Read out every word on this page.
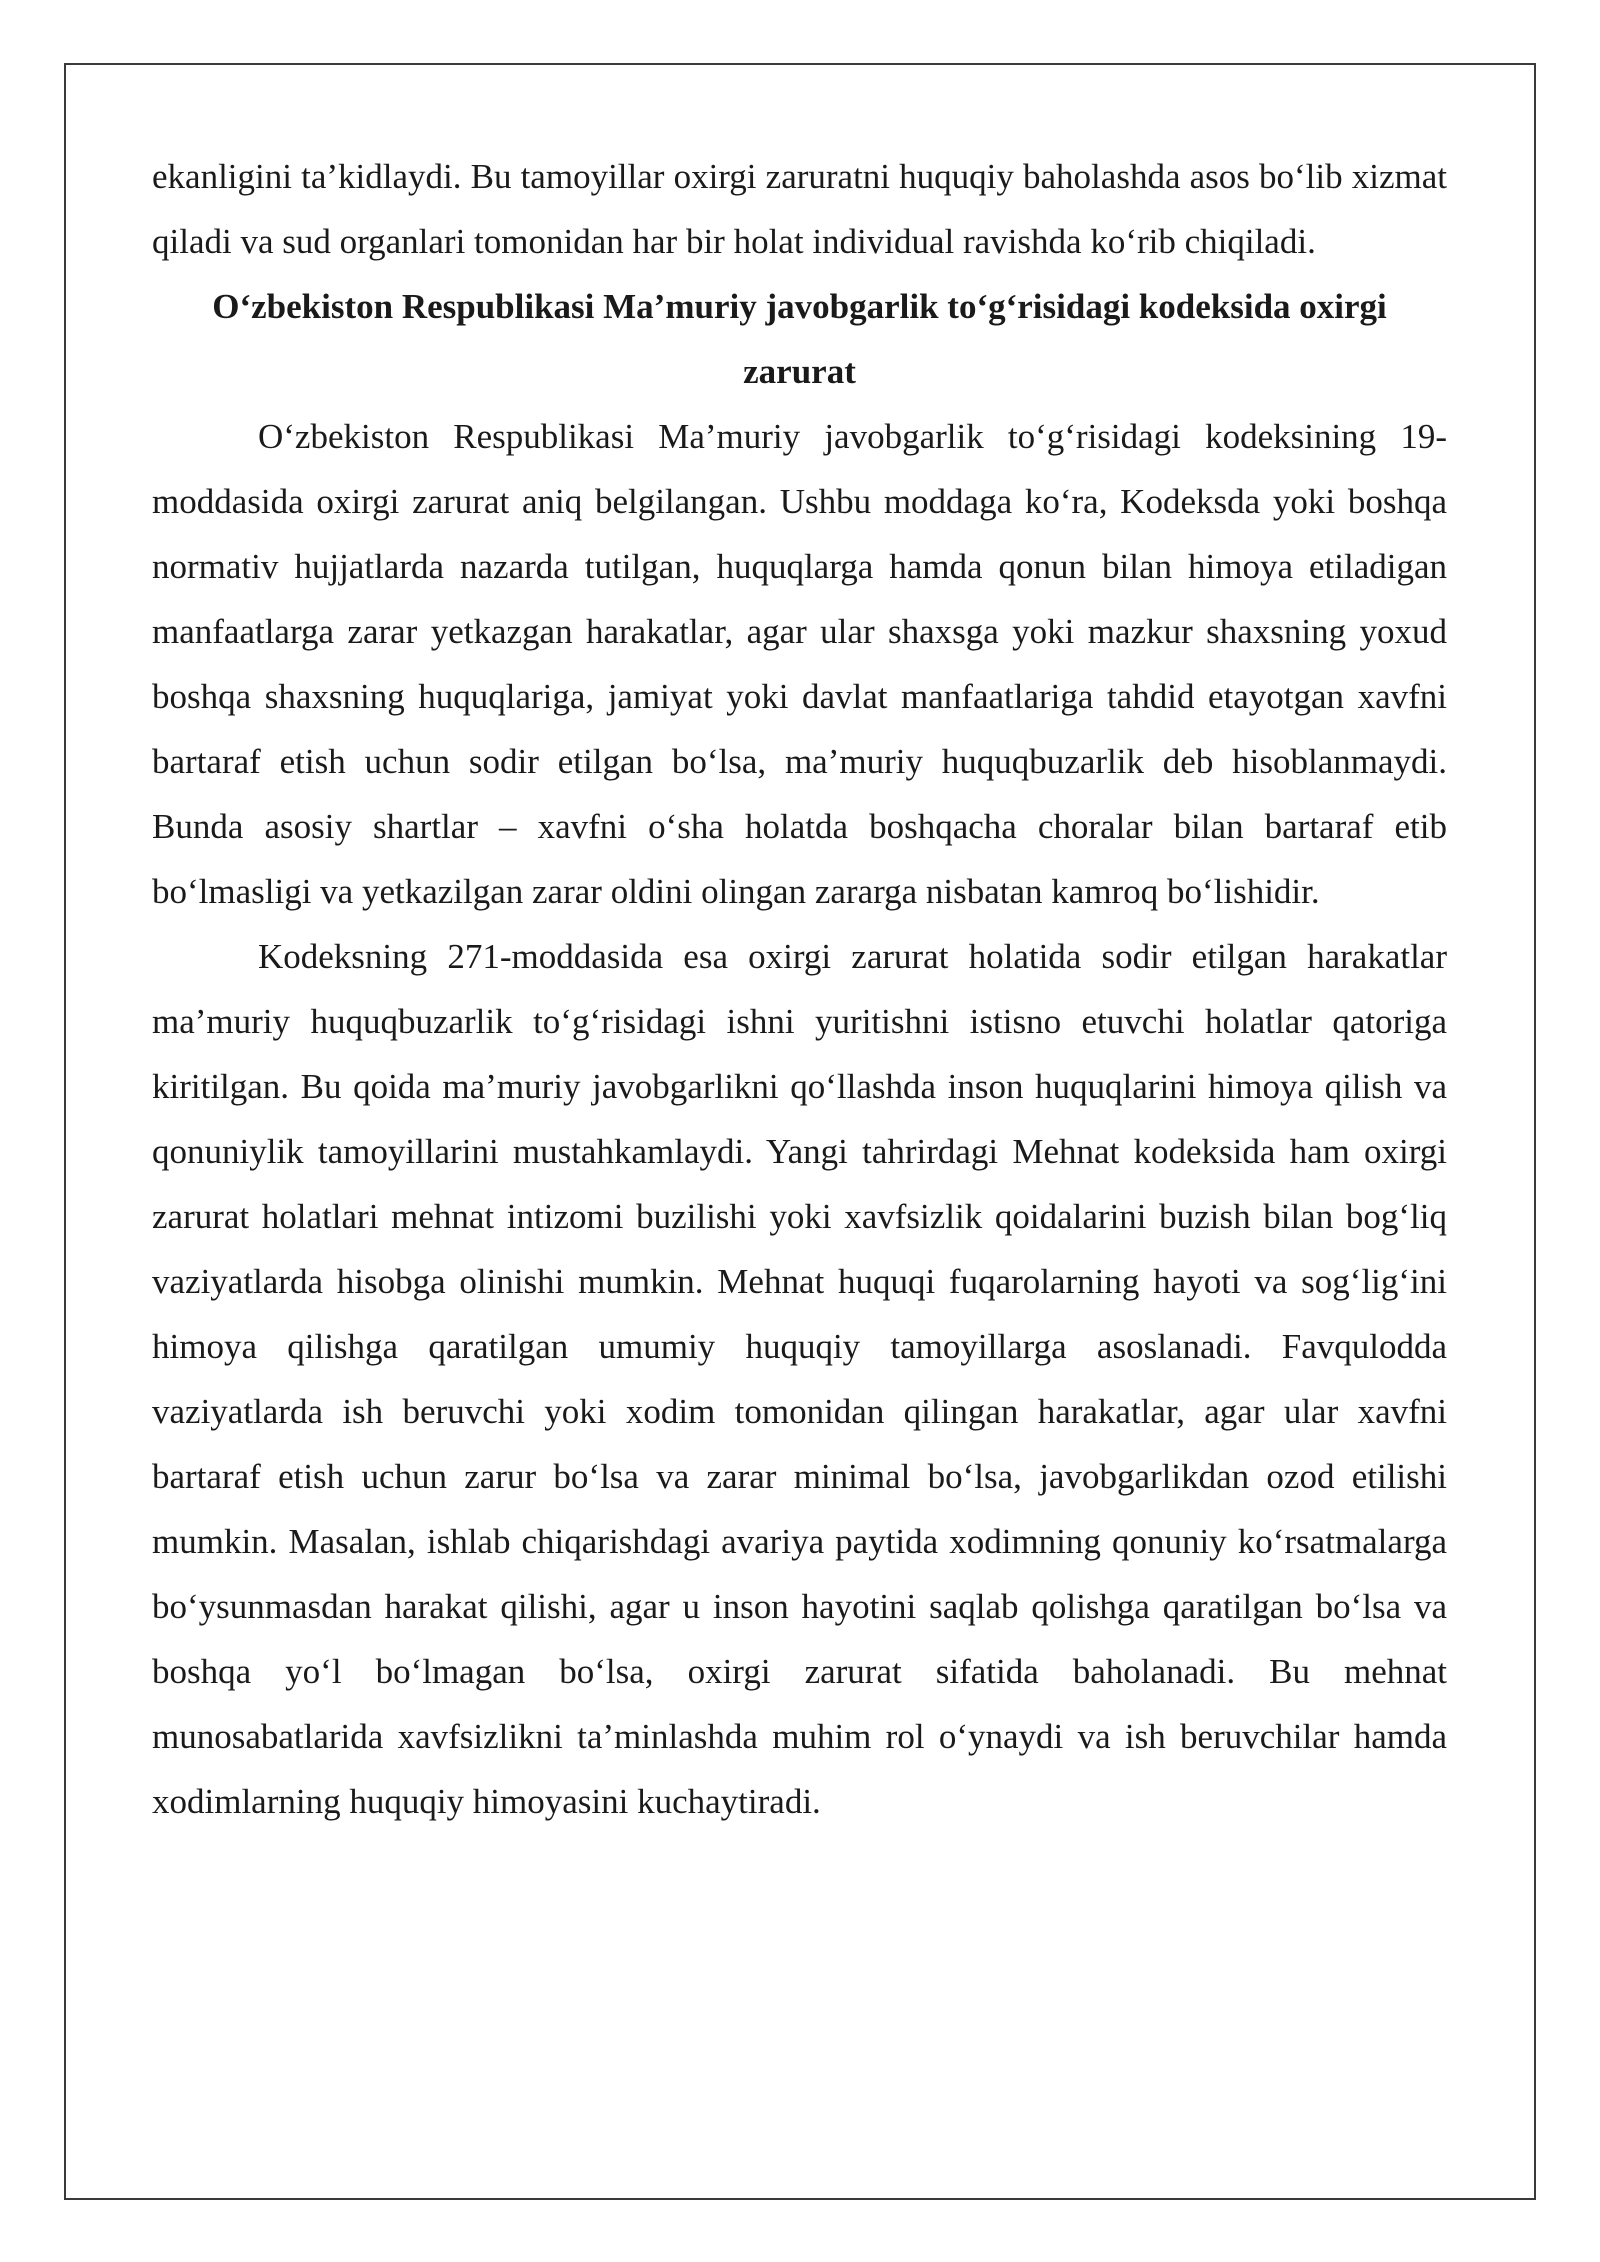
ekanligini ta’kidlaydi. Bu tamoyillar oxirgi zaruratni huquqiy baholashda asos bo‘lib xizmat qiladi va sud organlari tomonidan har bir holat individual ravishda ko‘rib chiqiladi.

O‘zbekiston Respublikasi Ma’muriy javobgarlik to‘g‘risidagi kodeksida oxirgi zarurat

O‘zbekiston Respublikasi Ma’muriy javobgarlik to‘g‘risidagi kodeksining 19-moddasida oxirgi zarurat aniq belgilangan. Ushbu moddaga ko‘ra, Kodeksda yoki boshqa normativ hujjatlarda nazarda tutilgan, huquqlarga hamda qonun bilan himoya etiladigan manfaatlarga zarar yetkazgan harakatlar, agar ular shaxsga yoki mazkur shaxsning yoxud boshqa shaxsning huquqlariga, jamiyat yoki davlat manfaatlariga tahdid etayotgan xavfni bartaraf etish uchun sodir etilgan bo‘lsa, ma’muriy huquqbuzarlik deb hisoblanmaydi. Bunda asosiy shartlar – xavfni o‘sha holatda boshqacha choralar bilan bartaraf etib bo‘lmasligi va yetkazilgan zarar oldini olingan zararga nisbatan kamroq bo‘lishidir.

Kodeksning 271-moddasida esa oxirgi zarurat holatida sodir etilgan harakatlar ma’muriy huquqbuzarlik to‘g‘risidagi ishni yuritishni istisno etuvchi holatlar qatoriga kiritilgan. Bu qoida ma’muriy javobgarlikni qo‘llashda inson huquqlarini himoya qilish va qonuniylik tamoyillarini mustahkamlaydi. Yangi tahrirdagi Mehnat kodeksida ham oxirgi zarurat holatlari mehnat intizomi buzilishi yoki xavfsizlik qoidalarini buzish bilan bog‘liq vaziyatlarda hisobga olinishi mumkin. Mehnat huquqi fuqarolarning hayoti va sog‘lig‘ini himoya qilishga qaratilgan umumiy huquqiy tamoyillarga asoslanadi. Favqulodda vaziyatlarda ish beruvchi yoki xodim tomonidan qilingan harakatlar, agar ular xavfni bartaraf etish uchun zarur bo‘lsa va zarar minimal bo‘lsa, javobgarlikdan ozod etilishi mumkin. Masalan, ishlab chiqarishdagi avariya paytida xodimning qonuniy ko‘rsatmalarga bo‘ysunmasdan harakat qilishi, agar u inson hayotini saqlab qolishga qaratilgan bo‘lsa va boshqa yo‘l bo‘lmagan bo‘lsa, oxirgi zarurat sifatida baholanadi. Bu mehnat munosabatlarida xavfsizlikni ta’minlashda muhim rol o‘ynaydi va ish beruvchilar hamda xodimlarning huquqiy himoyasini kuchaytiradi.
